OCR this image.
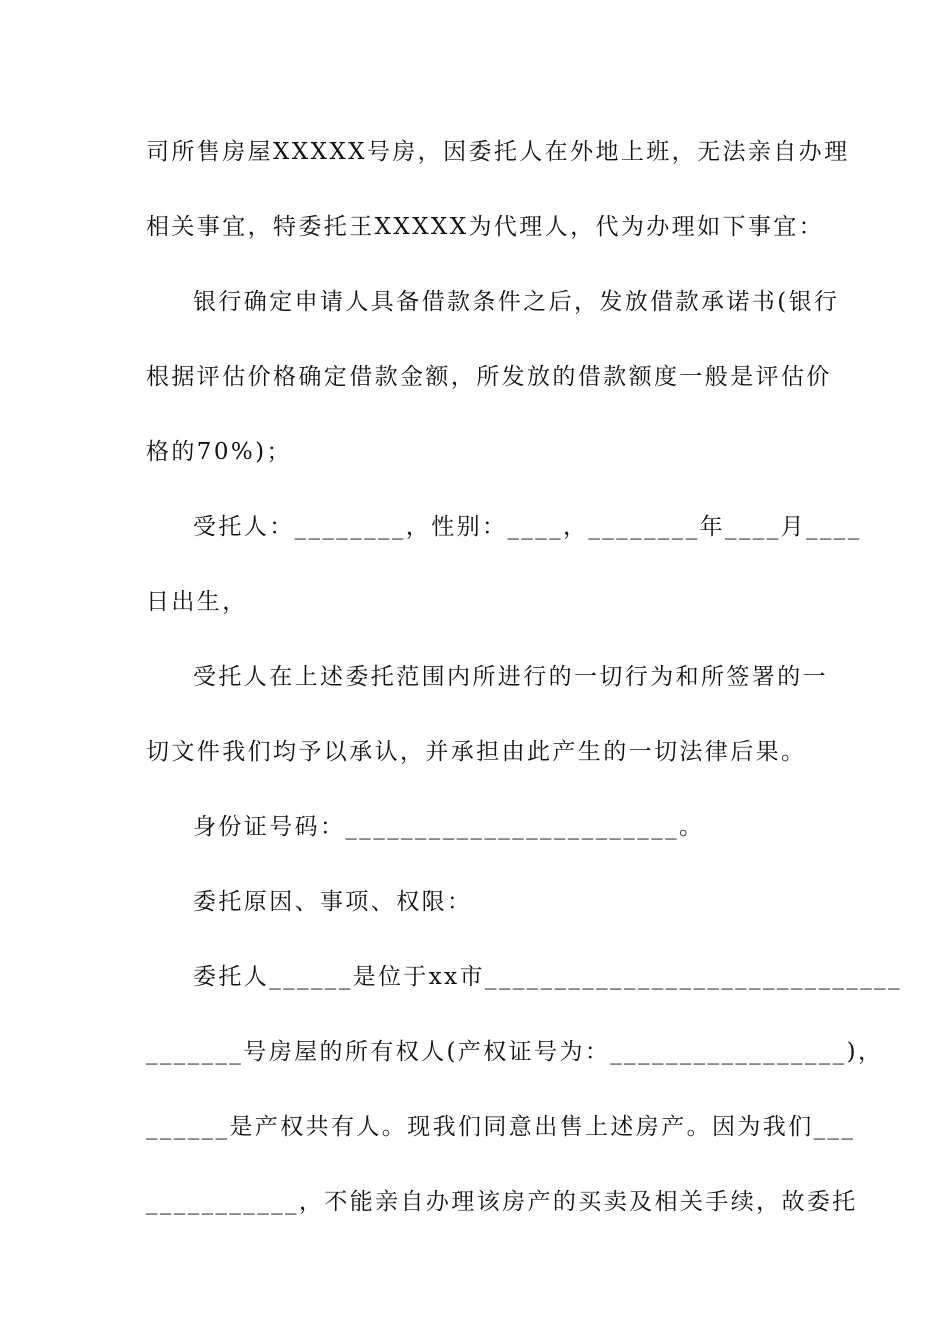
司所售房屋XXXXX号房，因委托人在外地上班，无法亲自办理
相关事宜，特委托王XXXXX为代理人，代为办理如下事宜：
银行确定申请人具备借款条件之后，发放借款承诺书(银行
根据评估价格确定借款金额，所发放的借款额度一般是评估价
格的70%)；
受托人：________，性别：____，________年____月____
日出生，
受托人在上述委托范围内所进行的一切行为和所签署的一
切文件我们均予以承认，并承担由此产生的一切法律后果。
身份证号码：________________________。
委托原因、事项、权限：
委托人______是位于xx市______________________________
_______号房屋的所有权人(产权证号为：_________________)，
______是产权共有人。现我们同意出售上述房产。因为我们___
___________，不能亲自办理该房产的买卖及相关手续，故委托
